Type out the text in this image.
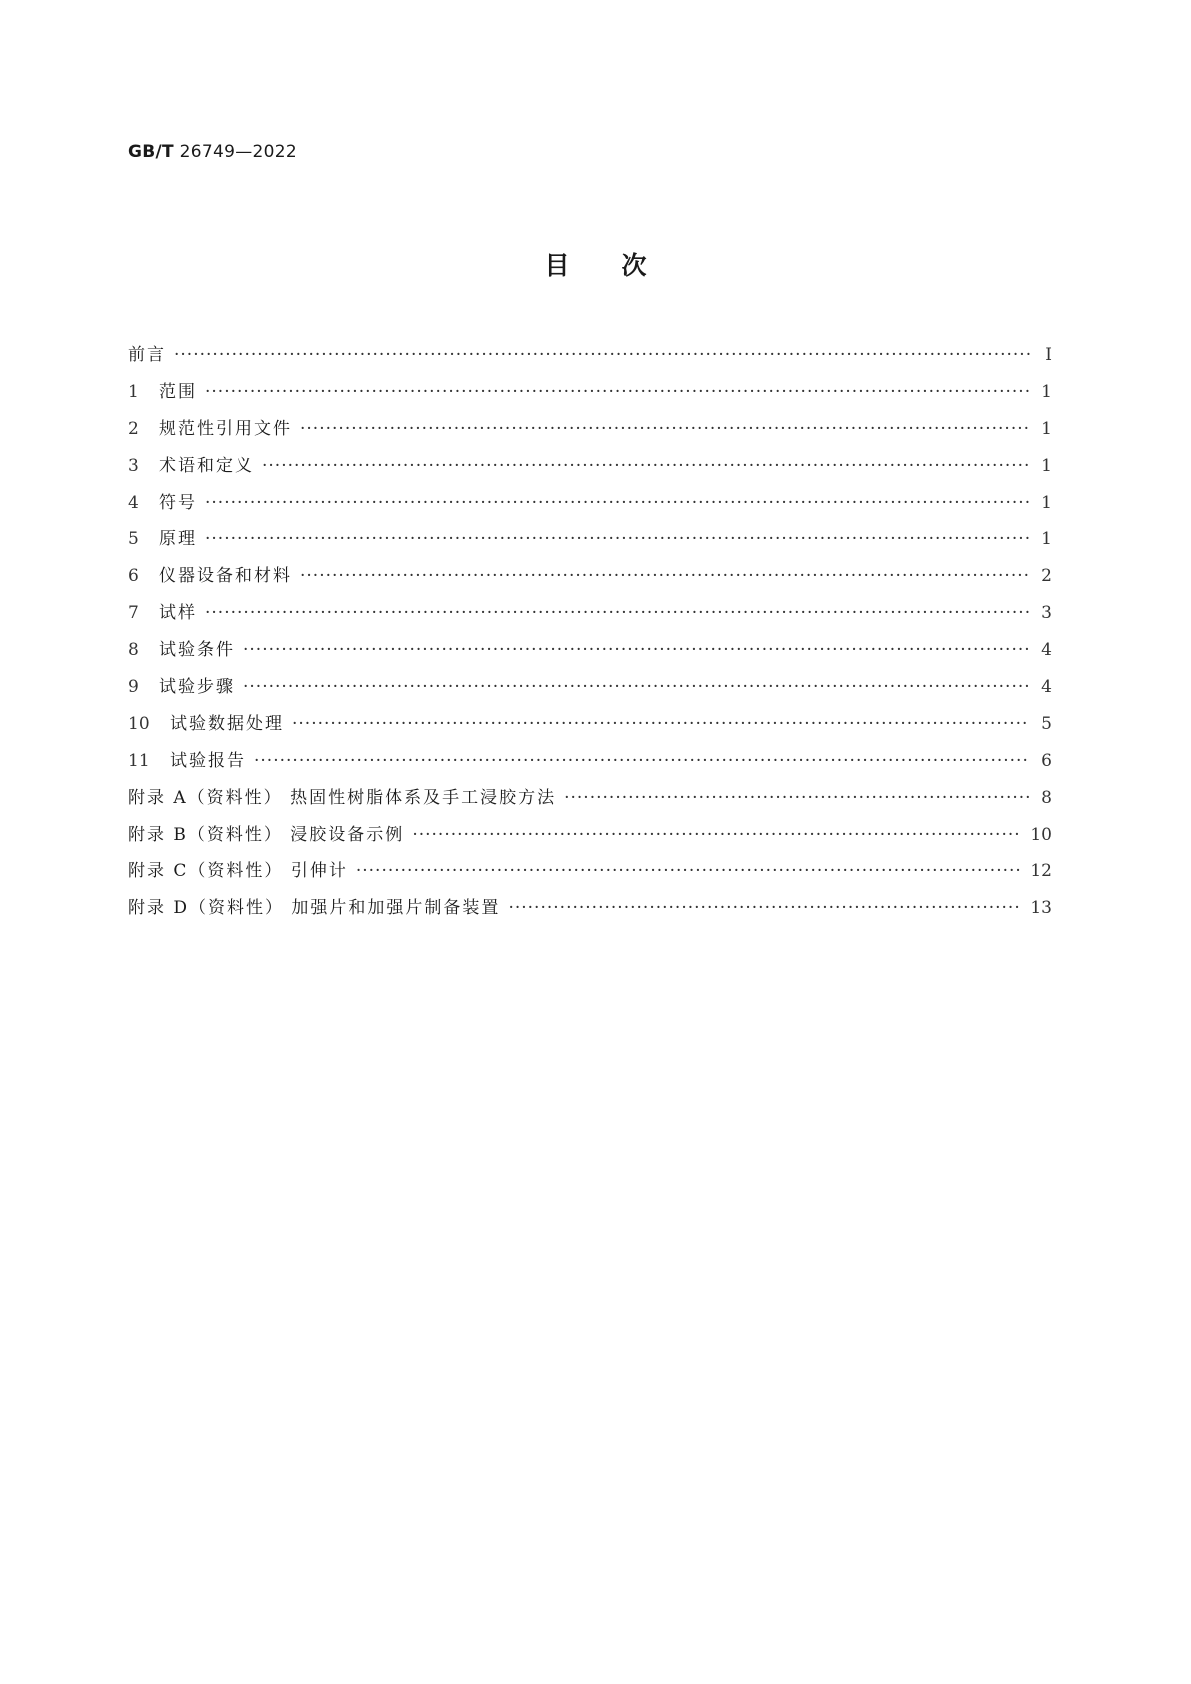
GB/T 26749—2022
目次
前言 ·····	Ⅰ
1	范围 ·····	1
2	规范性引用文件 ·····	1
3	术语和定义 ·····	1
4	符号 ·····	1
5	原理 ·····	1
6	仪器设备和材料 ·····	2
7	试样 ·····	3
8	试验条件 ·····	4
9	试验步骤 ·····	4
10	试验数据处理 ·····	5
11	试验报告 ·····	6
附录 A（资料性） 热固性树脂体系及手工浸胶方法 ·····	8
附录 B（资料性） 浸胶设备示例 ·····	10
附录 C（资料性） 引伸计 ·····	12
附录 D（资料性） 加强片和加强片制备装置 ·····	13
